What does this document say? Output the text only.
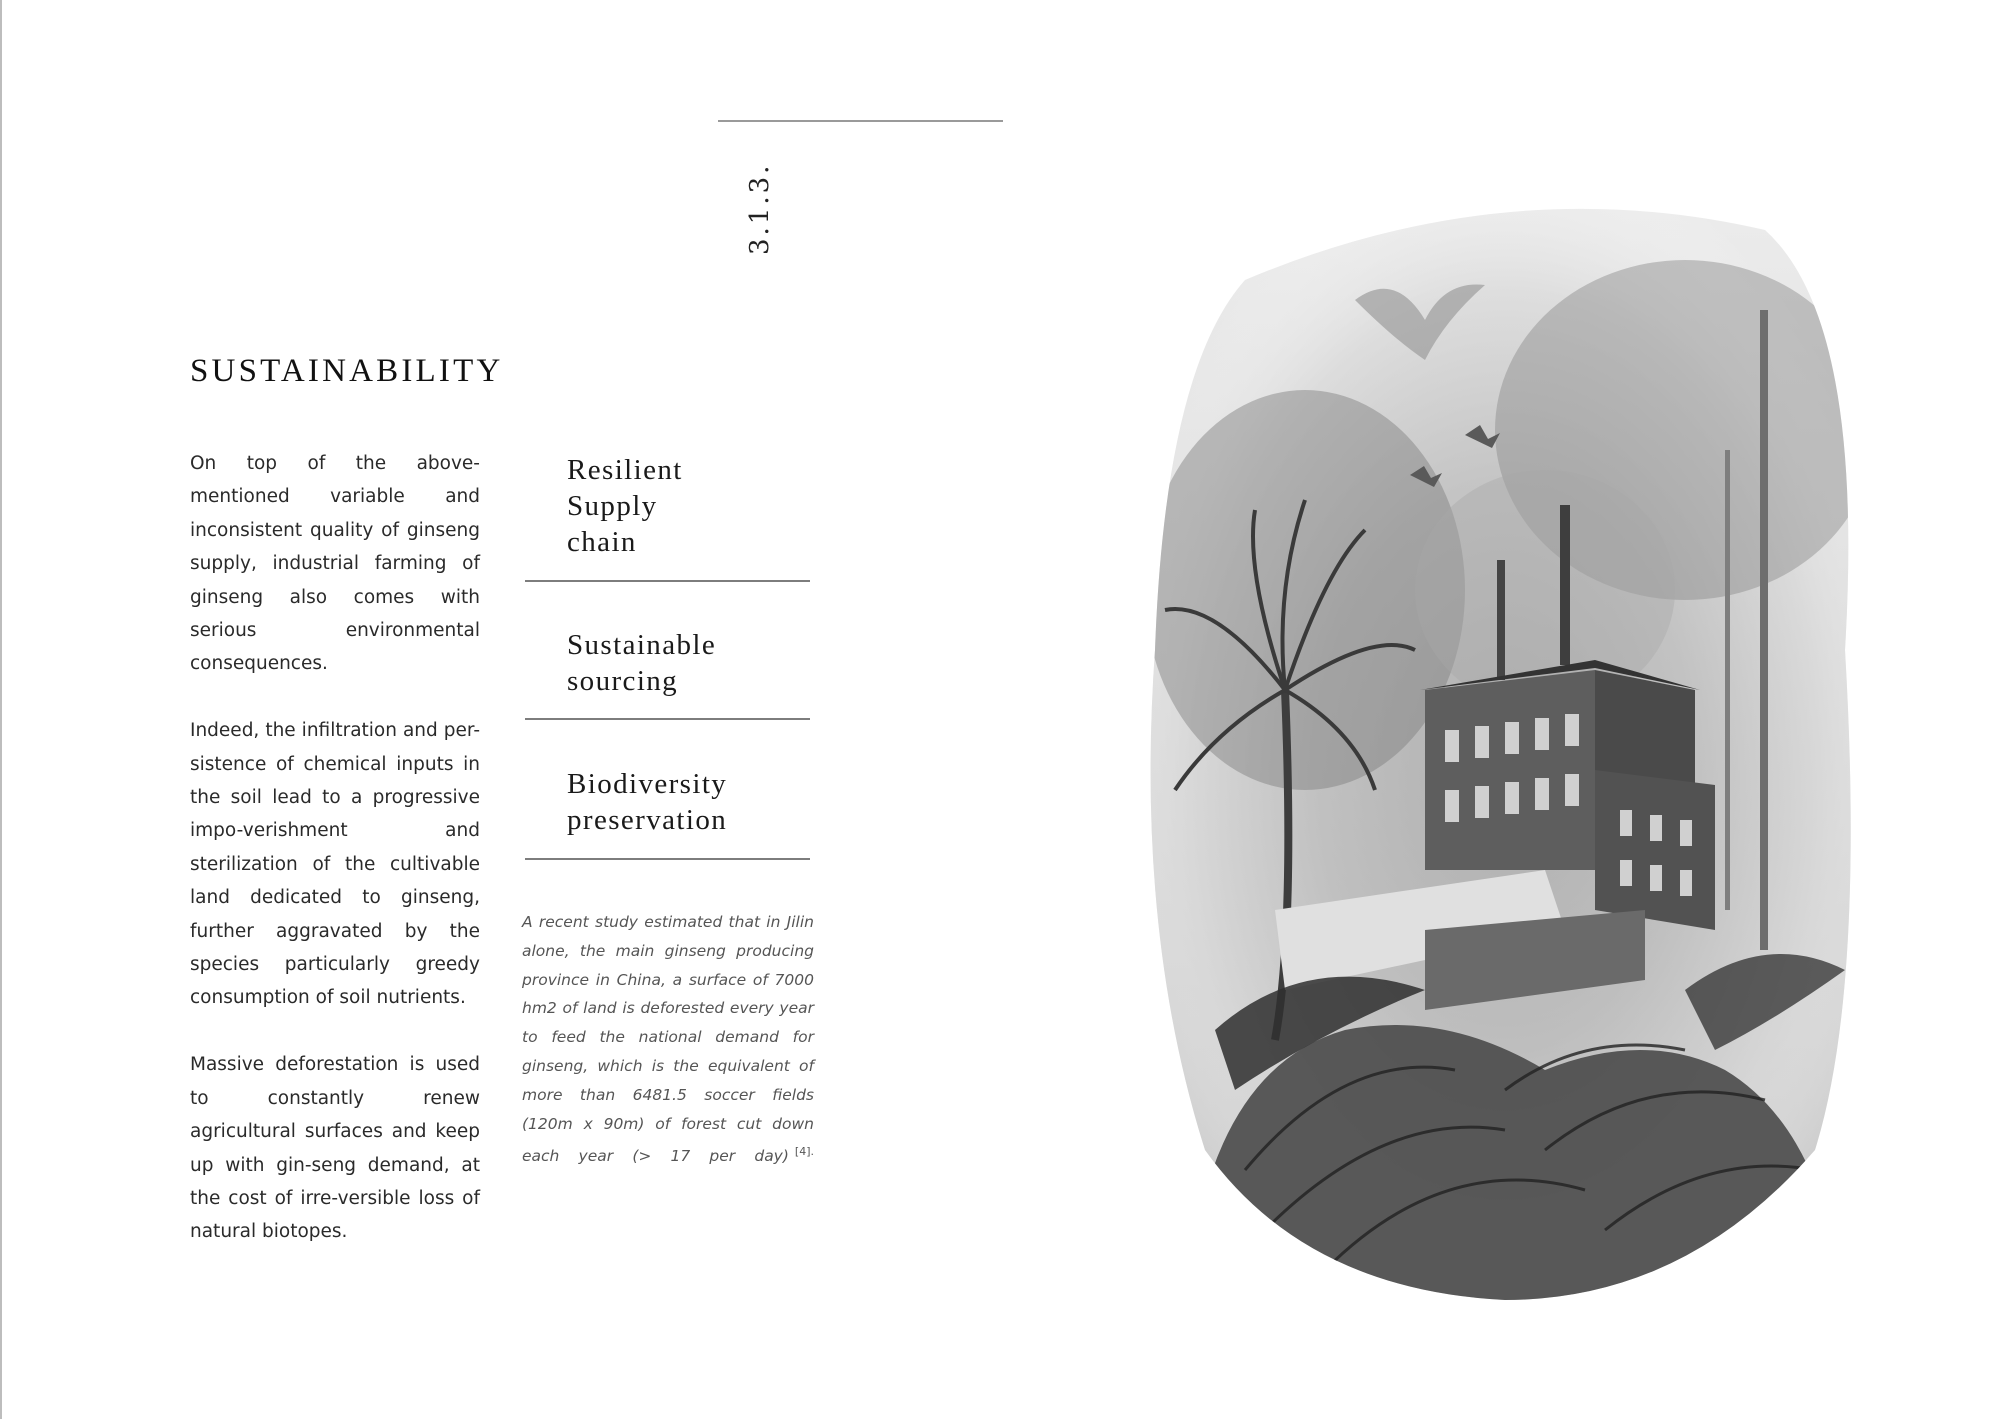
3.1.3.
SUSTAINABILITY

On top of the above-mentioned variable and inconsistent quality of ginseng supply, industrial farming of ginseng also comes with serious environmental consequences.

Indeed, the infiltration and per-sistence of chemical inputs in the soil lead to a progressive impo-verishment and sterilization of the cultivable land dedicated to ginseng, further aggravated by the species particularly greedy consumption of soil nutrients.

Massive deforestation is used to constantly renew agricultural surfaces and keep up with gin-seng demand, at the cost of irre-versible loss of natural biotopes.

Resilient
Supply
chain
Sustainable
sourcing
Biodiversity
preservation
A recent study estimated that in Jilin alone, the main ginseng producing province in China, a surface of 7000 hm2 of land is deforested every year to feed the national demand for ginseng, which is the equivalent of more than 6481.5 soccer fields (120m x 90m) of forest cut down each year (> 17 per day) $^{[4].}$
